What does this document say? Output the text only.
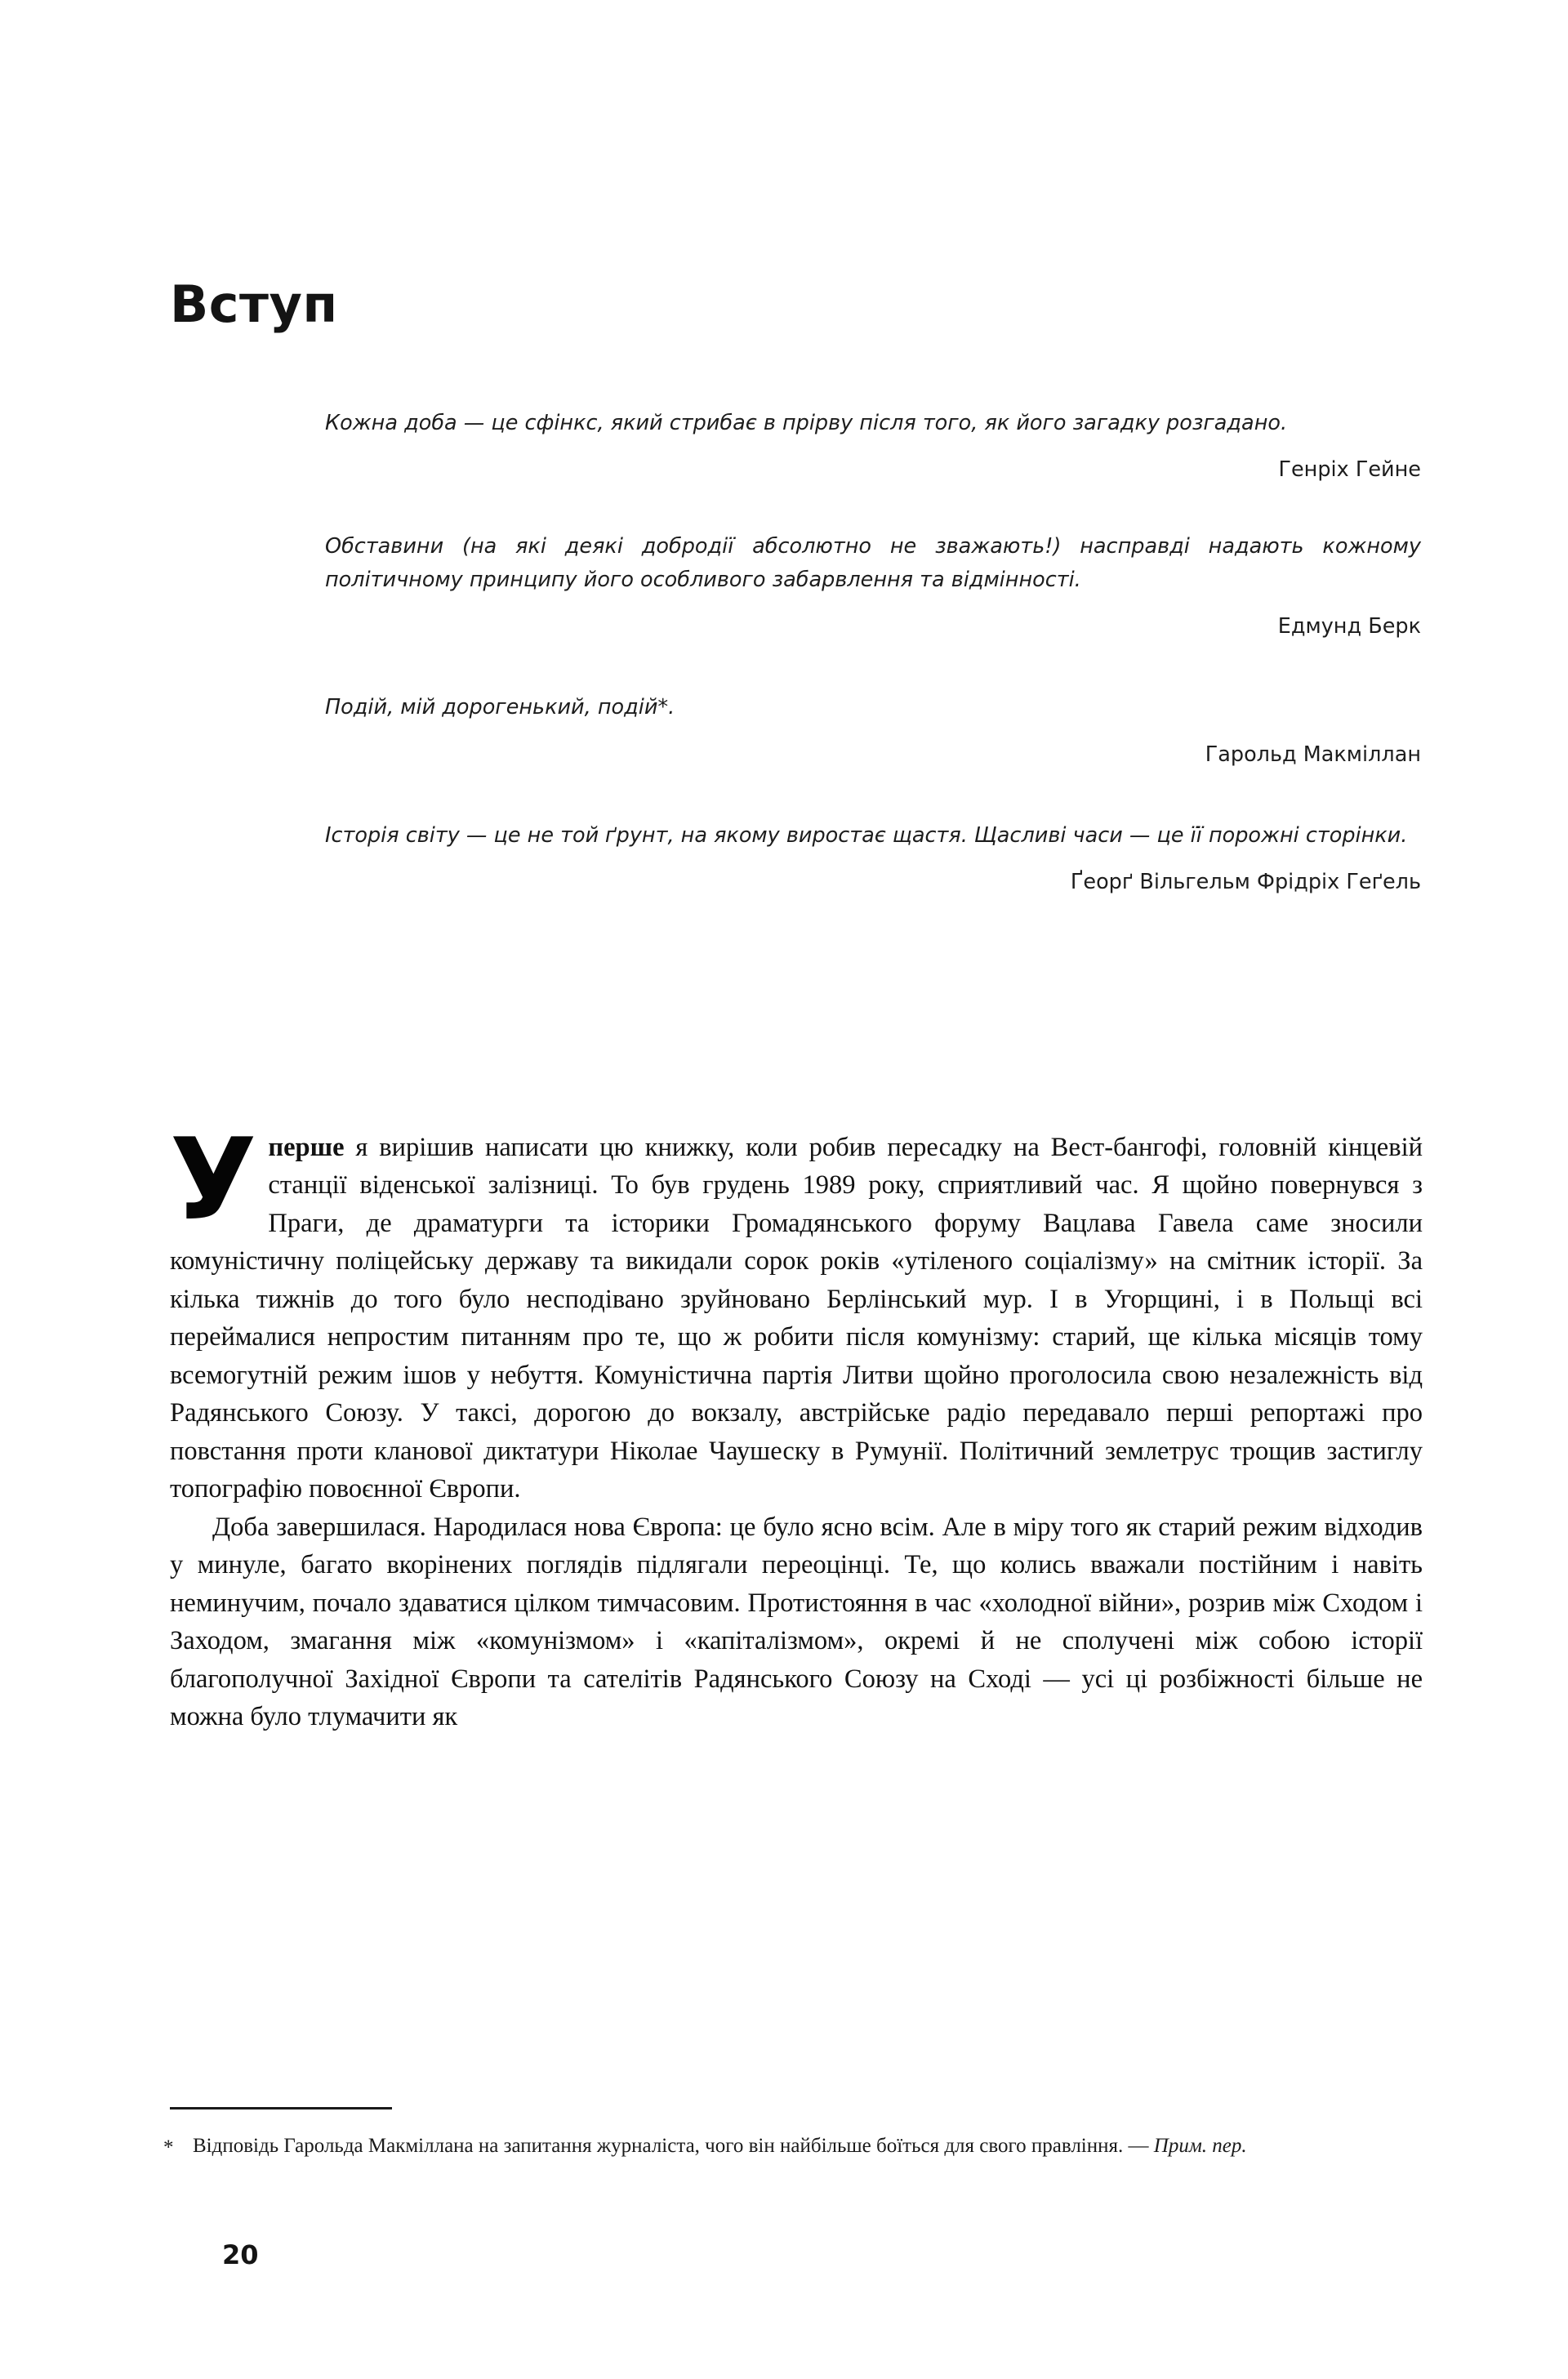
Вступ
Кожна доба — це сфінкс, який стрибає в прірву після того, як його загадку розгадано.
Генріх Гейне
Обставини (на які деякі добродії абсолютно не зважають!) насправді надають кожному політичному принципу його особливого забарвлення та відмінності.
Едмунд Берк
Подій, мій дорогенький, подій*.
Гарольд Макміллан
Історія світу — це не той ґрунт, на якому виростає щастя. Щасливі часи — це її порожні сторінки.
Ґеорґ Вільгельм Фрідріх Геґель

Уперше я вирішив написати цю книжку, коли робив пересадку на Вест-бангофі, головній кінцевій станції віденської залізниці. То був грудень 1989 року, сприятливий час. Я щойно повернувся з Праги, де драматурги та історики Громадянського форуму Вацлава Гавела саме зносили комуністичну поліцейську державу та викидали сорок років «утіленого соціалізму» на смітник історії. За кілька тижнів до того було несподівано зруйновано Берлінський мур. І в Угорщині, і в Польщі всі переймалися непростим питанням про те, що ж робити після комунізму: старий, ще кілька місяців тому всемогутній режим ішов у небуття. Комуністична партія Литви щойно проголосила свою незалежність від Радянського Союзу. У таксі, дорогою до вокзалу, австрійське радіо передавало перші репортажі про повстання проти кланової диктатури Ніколае Чаушеску в Румунії. Політичний землетрус трощив застиглу топографію повоєнної Європи.

Доба завершилася. Народилася нова Європа: це було ясно всім. Але в міру того як старий режим відходив у минуле, багато вкорінених поглядів підлягали переоцінці. Те, що колись вважали постійним і навіть неминучим, почало здаватися цілком тимчасовим. Протистояння в час «холодної війни», розрив між Сходом і Заходом, змагання між «комунізмом» і «капіталізмом», окремі й не сполучені між собою історії благополучної Західної Європи та сателітів Радянського Союзу на Сході — усі ці розбіжності більше не можна було тлумачити як

* Відповідь Гарольда Макміллана на запитання журналіста, чого він найбільше боїться для свого правління. — Прим. пер.
20
